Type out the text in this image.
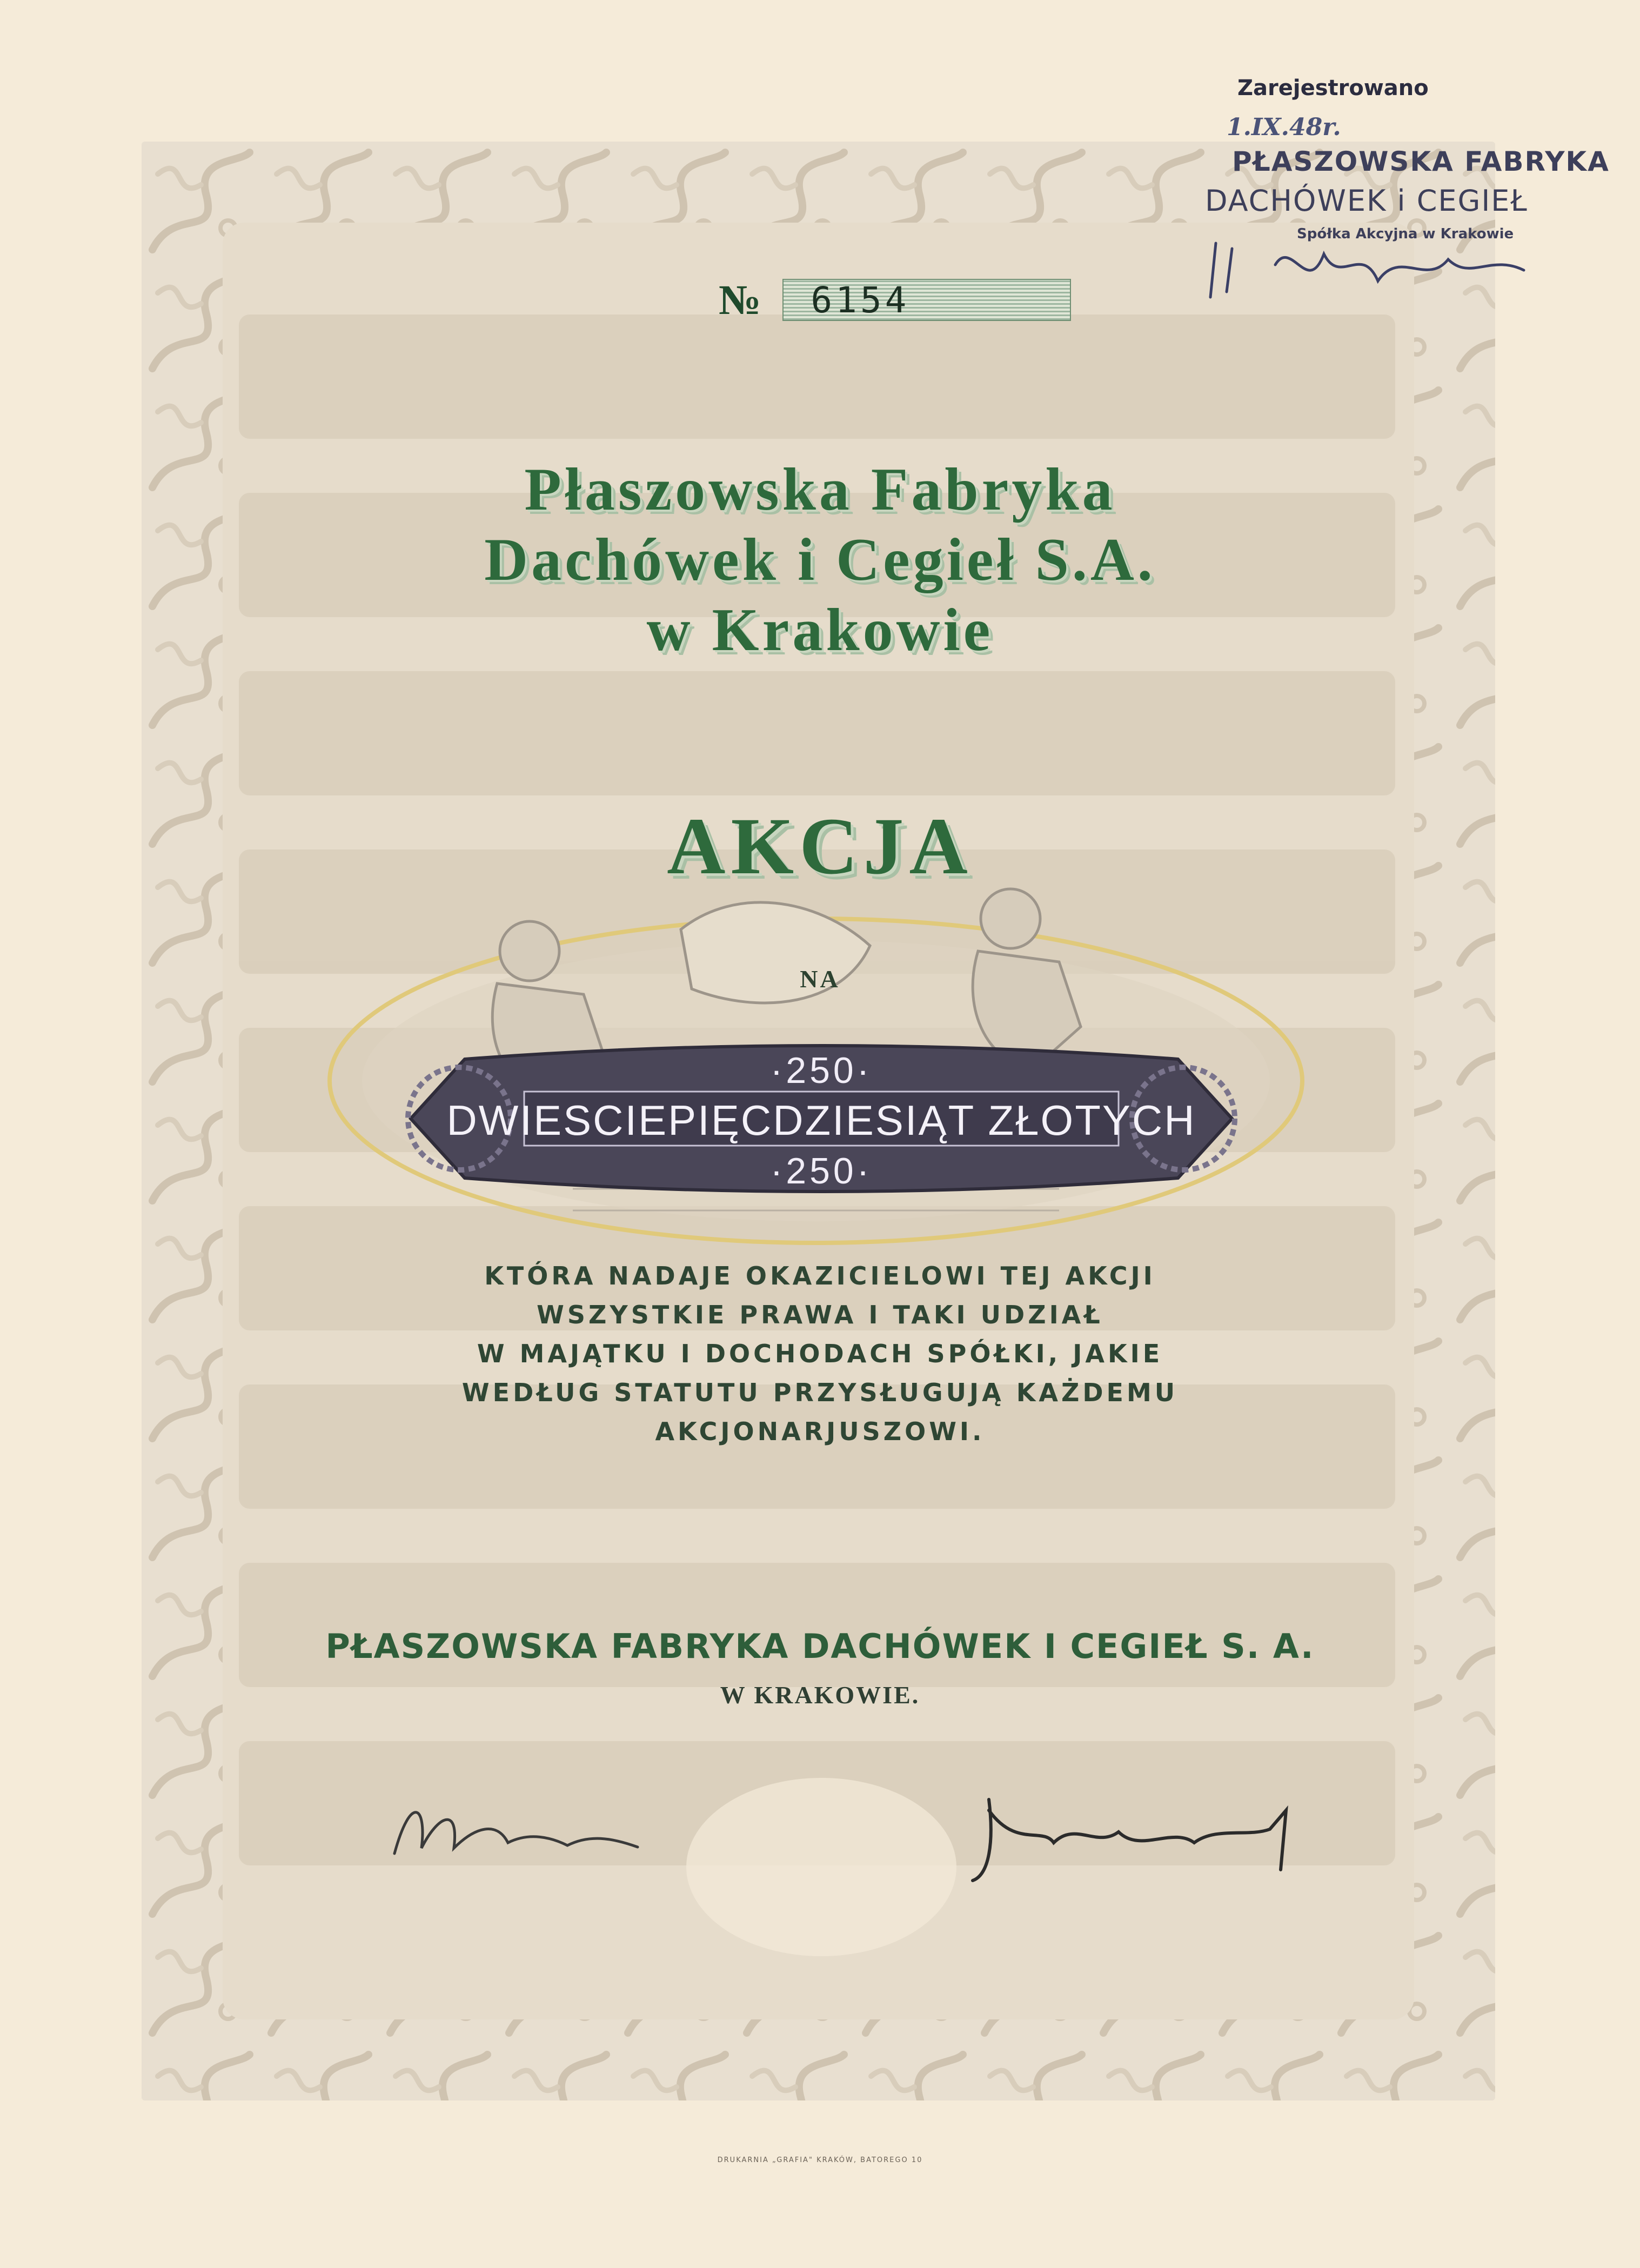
№	6154
Płaszowska Fabryka
Dachówek i Cegieł S.A.
w Krakowie
AKCJA
NA
·250·
DWIESCIEPIĘCDZIESIĄT ZŁOTYCH
·250·
KTÓRA NADAJE OKAZICIELOWI TEJ AKCJI
WSZYSTKIE PRAWA I TAKI UDZIAŁ
W MAJĄTKU I DOCHODACH SPÓŁKI, JAKIE
WEDŁUG STATUTU PRZYSŁUGUJĄ KAŻDEMU
AKCJONARJUSZOWI.
PŁASZOWSKA FABRYKA DACHÓWEK I CEGIEŁ S. A.
W KRAKOWIE.
DRUKARNIA „GRAFIA" KRAKÓW, BATOREGO 10
Zarejestrowano
1.IX.48r.
PŁASZOWSKA FABRYKA
DACHÓWEK i CEGIEŁ
Spółka Akcyjna w Krakowie
